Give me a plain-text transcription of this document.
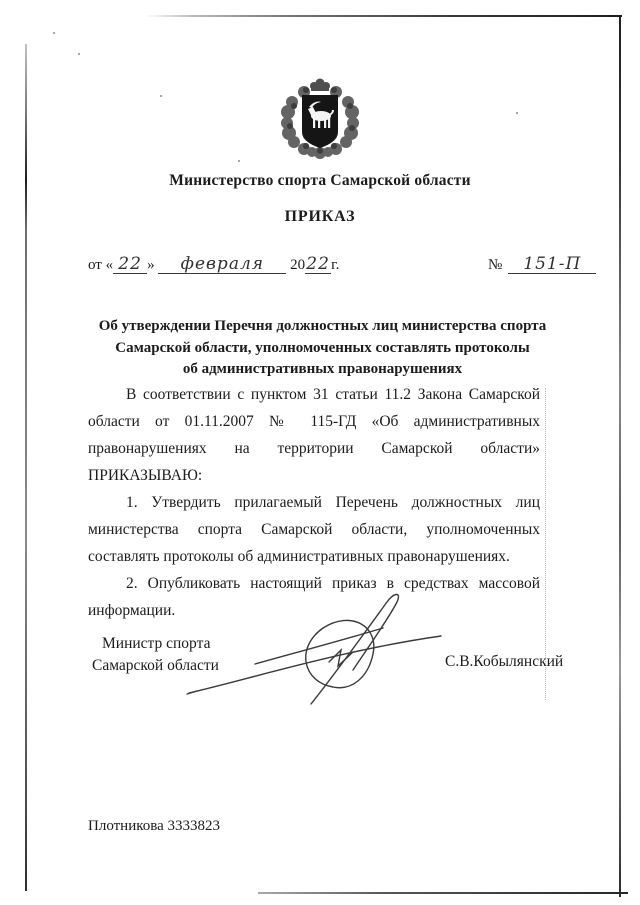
Министерство спорта Самарской области
ПРИКАЗ
от « 22 » февраля 2022г.	№ 151-П
Об утверждении Перечня должностных лиц министерства спорта
Самарской области, уполномоченных составлять протоколы
об административных правонарушениях

В соответствии с пунктом 31 статьи 11.2 Закона Самарской области от 01.11.2007 № 115-ГД «Об административных правонарушениях на территории Самарской области» ПРИКАЗЫВАЮ:

1. Утвердить прилагаемый Перечень должностных лиц министерства спорта Самарской области, уполномоченных составлять протоколы об административных правонарушениях.

2. Опубликовать настоящий приказ в средствах массовой информации.

Министр спорта
Самарской области	С.В.Кобылянский
Плотникова 3333823
